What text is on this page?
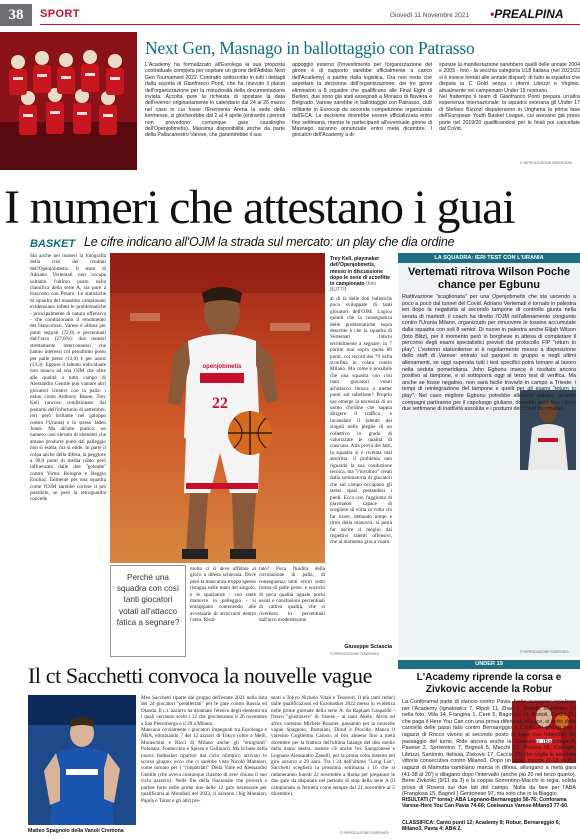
38	SPORT	Giovedì 11 Novembre 2021 •PREALPINA
Next Gen, Masnago in ballottaggio con Patrasso
L'Academy ha formalizzato all'Eurolega la sua proposta contrattuale completa per ospitare un girone dell'Adidas Next Gen Tournament 2022. Contratto sottoscritto in tutti i dettagli dalla società di Gianfranco Ponti, che ha ricevuto il placet dell'organizzazione per la minuziosità della documentazione inviata. Accolta pure la richiesta di spostare la data dell'evento: originariamente in calendario dal 24 al 26 marzo nel caso in cui fosse l'Enerxenia Arena la sede della kermesse, si giocherebbe dal 2 al 4 aprile (entrambi i periodi non prevedono comunque gare casalinghe dell'Openjobmetis). Massima disponibilità anche da parte della Pallacanestro Varese, che garantirebbe il suo
appoggio esterno (l'investimento per l'organizzazione del girone è di supporto sarebbe ufficialmente a carico dell'Academy) a partire dalla logistica. Ora non resta che aspettare la decisione dell'organizzazione: dei tre gironi eliminatori a 8 squadre che qualificano alle Final Eight di Berlino, due sono già stati assegnati a Monaco di Baviera e Belgrado. Varese sarebbe in ballottaggio con Patrasso, club militante in Eurocup da seconda competizione organizzata dall'ECA. La decisione dovrebbe essere ufficializzata entro fine settimana, mentre le partecipanti all'eventuale girone di Masnago saranno annunciate entro metà dicembre. I giocatori dell'Academy a di-
sputare la manifestazione sarebbero quelli delle annate 2004 e 2005 - foto - la vecchia categoria U18 italiana (nel 2021/22 si è invece tornati alle annate dispari): di tutto la squadra che disputa la C Gold senza i ritorni Librizzi e Virginio, attualmente nel campionato Under 19 nostrano.
Nel frattempo il team di Gianfranco Ponti prepara un'altra esperienza internazionale: la squadra veterana gli Under 17 di Stefano Bizzozi disputeranno in Ungheria la prima fase dell'European Youth Basket League, cui avevano già preso parte nel 2019/20 qualificandosi per le finali poi cancellate dal Covid.
© RIPRODUZIONE RISERVATA
I numeri che attestano i guai
BASKET Le cifre indicano all'OJM la strada sul mercato: un play che dia ordine
Sta anche nei numeri la fotografia della crisi dei risultati dell'Openjobmetis. Il team di Adriano Vertemati non occupa soltanto l'ultimo posto nella classifica della serie A, sia pure a braccetto con Pesaro. Le statistiche di squadra del massimo campionato evidenziano infatti le problematiche - principalmente di natura offensiva - che condizionano il rendimento dei biancorossi. Varese è ultima per punti segnati (72,0) e percentuali dal-l'arco (27,6%): due numeri strettamente interconnessi che hanno interessi col penultimo posto per palle perse (13,9) e per assist (13,3). Eppure il talento individuale non manca ad una OJM che oltre alle qualità a tutto campo di Alessandro Gentile può vantare altri giocatori creativi con la palla: i mano come Anthony Beane, Trey Kell (ancora condizionato dai postumi dell'infortunio di settembre, ieri però brillante nel galoppo contro l'Urania) e lo stesso Jaden Jones. Ma all'atto pratico, un numero così elevato di elementi che amano produrre punti dal palleggio non si esalta, ma si elide. In parte il colpa anche della difesa, la peggiore a 90,0 punti di media (dato però influenzato dalle due "goleade" contro Virtus Bologna e Reggio Emilia). Talmente per una squadra come l'OJM sarebbe correre il più possibile, se però la retroguardia concede
22
openjobmetis
Perché una squadra con così tanti giocatori votati all'attacco fatica a segnare?
molto ci si deve affidare al gioco a difesa schierata. Dove però la mancanza troppo spesso ristagna nelle mani del singolo, e le spaziature - con tante manovre in palleggio - si entrappano contenendo alle avversarie di arroccarsi dentro l'area. Risul-
tato? Poca fluidità della circolazione di palla, di conseguenza tanti errori sotto forma di palle perse, e scarichi di poca qualità uguale pochi assist e conclusioni percentuali di cattiva qualità, che si riverbera in percentuali dall'arco modestissime
Trey Kell, playmaker dell'Openjobmetis, messo in discussione dopo le serie di sconfitte in campionato (foto BUTTI)
al di là delle doti balistiche poco sviluppate di tanti giocatori dell'OJM. Logico quindi che la conseguenza delle problematiche sopra descritte è che la squadra di Vertemati fatichi terribilmente a segnare: in 7 partite mai sopra quota 80 punti, col record dei 79 nella sconfitta in volata contro Milano. Ma come è possibile che una squadra con così tanti giocatori votati all'attacco finisca a metter punti sul tabellone? Proprio qui emerge la necessità di un uomo d'ordine che sappia dirigere il traffico, e incanalare il talento dei singoli nelle pieghe di un collettivo in grado di valorizzare le qualità di ciascuno. Alla prova dei fatti, la squadra si è rivelata mal assortita: il problema non riguarda la sua conduzione tecnica, ma "l'involtuo" creati dalla sommatoria di giocatori che sul campo occupano gli stessi spazi pestandosi i piedi. Ecco con l'aggiunta di playmaker capace di scegliere di volta in volta chi far tirare, dettando tempi e ritmi della manovra, si potrà far uscire il meglio dai rispettivi talenti offensivi, che al momento gira a vuoto.
Giuseppe Sciascia
© RIPRODUZIONE RISERVATA
LA SQUADRA: IERI TEST CON L'URANIA
Vertemati ritrova Wilson Poche chance per Egbunu
Riattivazione "scaglionata" per una Openjobmetis che sta uscendo a poco a poco dal tunnel del Covid. Adriano Vertemati è tornato in palestra ieri dopo la negatività al secondo tampone di controllo giunta nella serata di martedì: il coach ha diretto l'OJM nell'allenamento congiunto contro l'Urania Milano, organizzato per rimuovere le tossine accumulate dalla squadra con soli 8 senior. Di nuovo in palestra anche Elijah Wilson (foto Blitz), per il momento però in borghese in attesa di completare il percorso degli esami specialistici previsti dal protocollo FIP "return to play". L'esterno statunitense si è regolarmente messo a disposizione dello staff di Varese: entrato sul parquet in gruppo e negli ultimi allenamenti, se oggi superata tutti i test specifici potrà tornare al lavoro nella seduta pomeridiana. John Egbunu invece è risultato ancora positivo al tampone, e si sottoporrà oggi al terzo test di verifica. Ma anche se fosse negativo, non sarà facile trovarlo in campo a Trieste: i tempi di reintegrazione del tampone e quelli per gli esami "return to play". Nel caso migliore Egbunu potrebbe allenarsi sabato, quando compagni partiranno per il capoluogo giuliano, dovendo però fare i conti due settimane di inattività assoluta e i postumi del Covid da smaltire.
© RIPRODUZIONE RISERVATA
UNDER 19
L'Academy riprende la corsa e Zivkovic accende la Robur
La Conforamat parte di slancio contro Pavia. Netto successo casalingo per l'Academy (Ignatowicz 7, Ripoli 11, Zhao 2, Bottelli, Marchiaro 17 nella foto, Villa 14, Frangina 1, Cerè 5, Bagovski 16, Bortoli, Curtini 21) che paga il Here You Can con una prova difensiva efficace, al netto della cancella delle passi falsi contro Bernareggio e Cantù. Al giro di boa i ragazzi di Rocco vivono al secondo posto in linea con l'obiettivo del passaggio del turno. Ride ancora anche la Coelsanus (Bacchega 4, Pavese 2, Sorrentino 7, Brignoli 5, Macchi 12, Rovera 15, Carreghi, Librizzi, Santonio, Itelissa, Zivkovic 17, Caccia 15) che coglie la seconda vittoria consecutiva contro Milano3. Dopo un avvio incerto (9-18 al 7') i ragazzi di Mamotta cambiano marcia in difesa, allungano a metà gara (41-38 al 20') e dilagano dopo l'intervallo (anche più 20 nel terzo quarto). Bene Zivkovic (9/11 da 3) e la coppia Sorrentino-Macchi in regia, solida prova di Rovera sui due lati del campo. Nulla da fare per l'ABA (Frangiosa 15, Bagnol ) Gentonese 97, ma solo che in la Biaggio.
RISULTATI (7ª torna): ABA Legnano-Bernareggio 56-76; Conforama Varese-Here You Can Pavia 74-66; Coelsanus Varese-Milano3 77-60.
CLASSIFICA: Cantù punti 12; Academy 8; Robur, Bernareggio 6; Milano3, Pavia 4; ABA 2.
Il ct Sacchetti convoca la nouvelle vague
Matteo Spagnolo della Vanoli Cremona
Meo Sacchetti riparte dal gruppo dell'estate 2021 nella lista dei 24 giocatori "preallertati" per le gare contro Russia ed Olanda. Il c.t. azzurro ha diramato l'elenco degli elementi tra i quali verranno scelti i 12 che giocheranno il 26 novembre a San Pietroburgo e il 29 a Milano.
Mancano ovviamente i giocatori impegnati tra Euroleaga e NBA, eliminando 7 dei 12 azzurri di Tokyo (oltre a Melli, Moraschini e Ricci di Milano anche gli "emigranti" Polonara, Fontecchio e Spissu e Gallinari). Ma la base della nuova Italbasket ripartire dal ciclo olimpico arrivato lo scorso giugno: ecco che ci sarebbe vista Nicolò Mannion, come tornato per i "rimpatriati" Della Valle ed Alessandro Gentile (che aveva comunque chiarito di aver chiuso il suo ciclo azzurro). Nelle file della Nazionale che proverà a partire forte nelle prime due delle 12 gare necessarie per qualificarsi ai Mondiali del 2023, ci saranno i big Mannion, Pajola e Tonut e gli altri pre-
senti a Tokyo Nicholo Vitali e Tessitori. Il più tanti reduci dalle qualificazioni ed Eurobasket 2022 messi in evidenza nelle prime giornate della serie A: da Raphael Gaspardo - fresco "giustiziere" di Varese - ai tanti Akele, Alviti ed all'ex varesino Michele Ruzzier, passando per la nouvelle vague Spagnolo, Bortolani, Diouf e Procida. Manca il varesino Guglielmo Caruso, al box almeno fino a metà dicembre per la frattura dell'ultima falange del dito medio della mano destra, mentre c'è anche l'ex Sanigronese e Legnano Alessandro Zanelli, per la prima volta inserito nel giro azzurro a 29 anni. Tra i 24 dell'ultimo "Long List", Sacchetti sceglierà la prossima settimana i 16 che si raduneranno lunedì 22 novembre a Roma per preparare le due gare da disputare nel periodo di stop della serie A (il campionato si fermerà come sempre dal 21 novembre al 5 dicembre).
© RIPRODUZIONE RISERVATA
